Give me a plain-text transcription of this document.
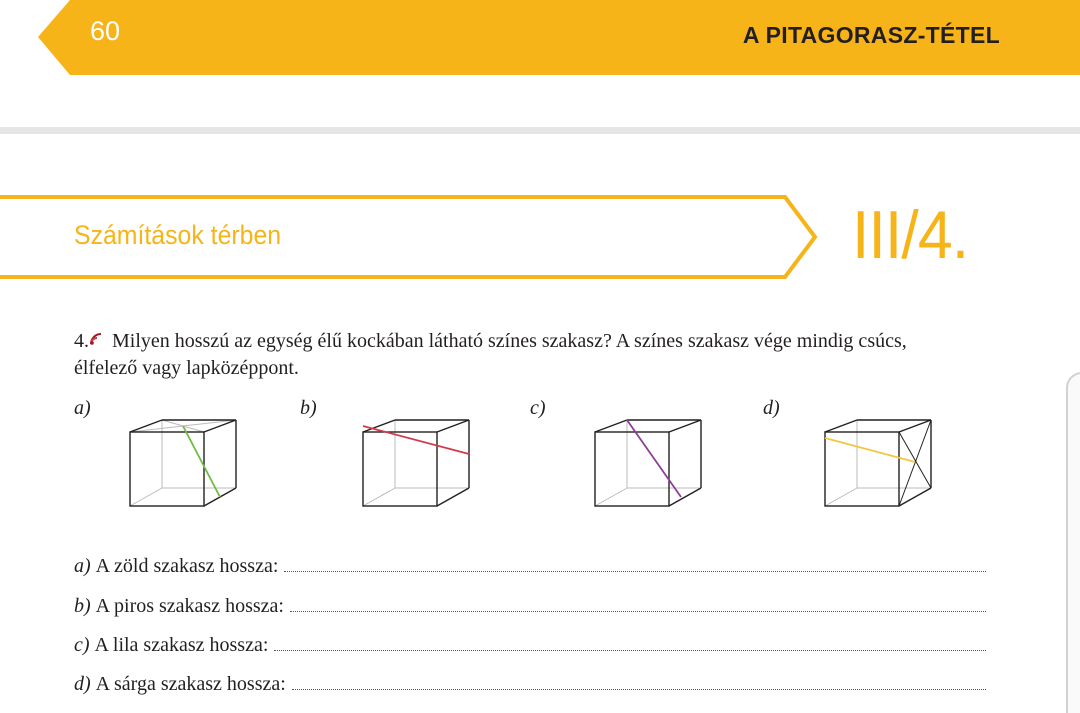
60	A PITAGORASZ-TÉTEL
Számítások térben	III/4.
4. Milyen hosszú az egység élű kockában látható színes szakasz? A színes szakasz vége mindig csúcs,
élfelező vagy lapközéppont.
a)	b)	c)	d)
a) A zöld szakasz hossza:
b) A piros szakasz hossza:
c) A lila szakasz hossza:
d) A sárga szakasz hossza:
